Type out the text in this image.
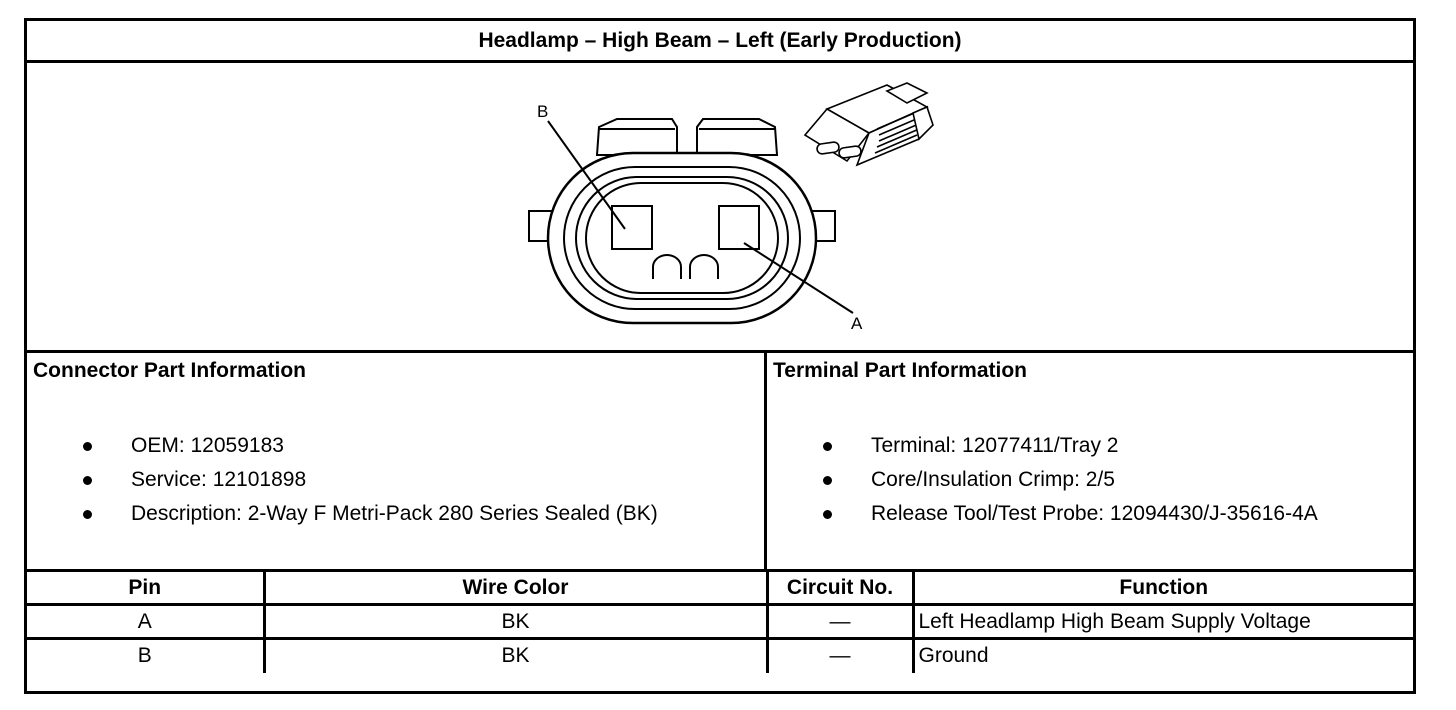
Headlamp – High Beam – Left (Early Production)
B
A
Connector Part Information
OEM: 12059183
Service: 12101898
Description: 2-Way F Metri-Pack 280 Series Sealed (BK)
Terminal Part Information
Terminal: 12077411/Tray 2
Core/Insulation Crimp: 2/5
Release Tool/Test Probe: 12094430/J-35616-4A
Pin	Wire Color	Circuit No.	Function
A	BK	—	Left Headlamp High Beam Supply Voltage
B	BK	—	Ground
